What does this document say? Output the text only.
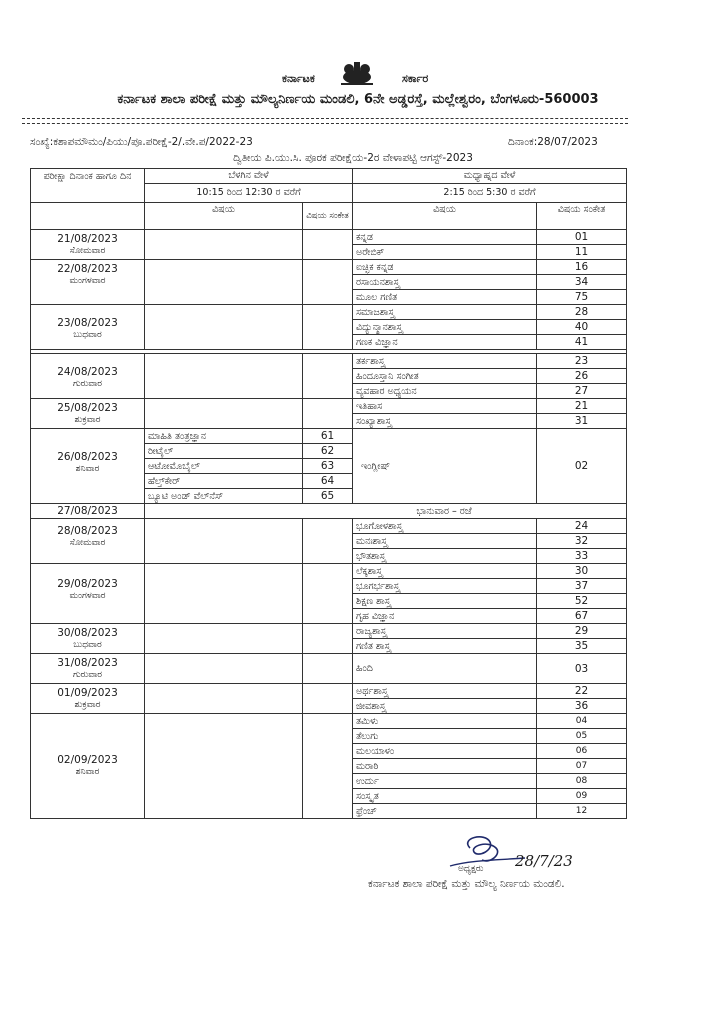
ಕರ್ನಾಟಕ	ಸರ್ಕಾರ
ಕರ್ನಾಟಕ ಶಾಲಾ ಪರೀಕ್ಷೆ ಮತ್ತು ಮೌಲ್ಯನಿರ್ಣಯ ಮಂಡಲಿ, 6ನೇ ಅಡ್ಡರಸ್ತೆ, ಮಲ್ಲೇಶ್ವರಂ, ಬೆಂಗಳೂರು-560003
ಸಂಖ್ಯೆ:ಕಶಾಪಮೌಮಂ/ಪಿಯು/ಪೂ.ಪರೀಕ್ಷೆ-2/.ವೇ.ಪ/2022-23	ದಿನಾಂಕ:28/07/2023
ದ್ವಿತೀಯ ಪಿ.ಯು.ಸಿ. ಪೂರಕ ಪರೀಕ್ಷೆಯ-2ರ ವೇಳಾಪಟ್ಟಿ ಆಗಸ್ಟ್-2023
ಪರೀಕ್ಷಾ ದಿನಾಂಕ ಹಾಗೂ ದಿನ	ಬೆಳಗಿನ ವೇಳೆ		ಮಧ್ಯಾಹ್ನದ ವೇಳೆ	
	10:15 ರಿಂದ 12:30 ರ ವರೆಗೆ		2:15 ರಿಂದ 5:30 ರ ವರೆಗೆ	
	ವಿಷಯ	ವಿಷಯ ಸಂಕೇತ	ವಿಷಯ	ವಿಷಯ ಸಂಕೇತ

21/08/2023
ಸೋಮವಾರ			ಕನ್ನಡ	01
			ಅರೇಬಿಕ್	11

22/08/2023
ಮಂಗಳವಾರ			ಐಚ್ಛಿಕ ಕನ್ನಡ	16
			ರಸಾಯನಶಾಸ್ತ್ರ	34
			ಮೂಲ ಗಣಿತ	75

23/08/2023
ಬುಧವಾರ			ಸಮಾಜಶಾಸ್ತ್ರ	28
			ವಿದ್ಯುನ್ಮಾನಶಾಸ್ತ್ರ	40
			ಗಣಕ ವಿಜ್ಞಾನ	41

24/08/2023
ಗುರುವಾರ			ತರ್ಕಶಾಸ್ತ್ರ	23
			ಹಿಂದೂಸ್ತಾನಿ ಸಂಗೀತ	26
			ವ್ಯವಹಾರ ಅಧ್ಯಯನ	27

25/08/2023
ಶುಕ್ರವಾರ			ಇತಿಹಾಸ	21
			ಸಂಖ್ಯಾಶಾಸ್ತ್ರ	31

26/08/2023
ಶನಿವಾರ	ಮಾಹಿತಿ ತಂತ್ರಜ್ಞಾನ	61	ಇಂಗ್ಲೀಷ್	02
	ರೀಟೈಲ್	62		
	ಆಟೋಮೊಬೈಲ್	63		
	ಹೆಲ್ತ್‌ಕೇರ್	64		
	ಬ್ಯೂಟಿ ಅಂಡ್ ವೆಲ್‌ನೆಸ್	65		

27/08/2023	ಭಾನುವಾರ – ರಜೆ			

28/08/2023
ಸೋಮವಾರ			ಭೂಗೋಳಶಾಸ್ತ್ರ	24
			ಮನಃಶಾಸ್ತ್ರ	32
			ಭೌತಶಾಸ್ತ್ರ	33

29/08/2023
ಮಂಗಳವಾರ			ಲೆಕ್ಕಶಾಸ್ತ್ರ	30
			ಭೂಗರ್ಭಶಾಸ್ತ್ರ	37
			ಶಿಕ್ಷಣ ಶಾಸ್ತ್ರ	52
			ಗೃಹ ವಿಜ್ಞಾನ	67

30/08/2023
ಬುಧವಾರ			ರಾಜ್ಯಶಾಸ್ತ್ರ	29
			ಗಣಿತ ಶಾಸ್ತ್ರ	35

31/08/2023
ಗುರುವಾರ			ಹಿಂದಿ	03

01/09/2023
ಶುಕ್ರವಾರ			ಅರ್ಥಶಾಸ್ತ್ರ	22
			ಜೀವಶಾಸ್ತ್ರ	36

02/09/2023
ಶನಿವಾರ			ತಮಿಳು	04
			ತೆಲುಗು	05
			ಮಲಯಾಳಂ	06
			ಮರಾಠಿ	07
			ಉರ್ದು	08
			ಸಂಸ್ಕೃತ	09
			ಫ್ರೆಂಚ್	12
28/7/23
ಅಧ್ಯಕ್ಷರು
ಕರ್ನಾಟಕ ಶಾಲಾ ಪರೀಕ್ಷೆ ಮತ್ತು ಮೌಲ್ಯ ನಿರ್ಣಯ ಮಂಡಲಿ.
